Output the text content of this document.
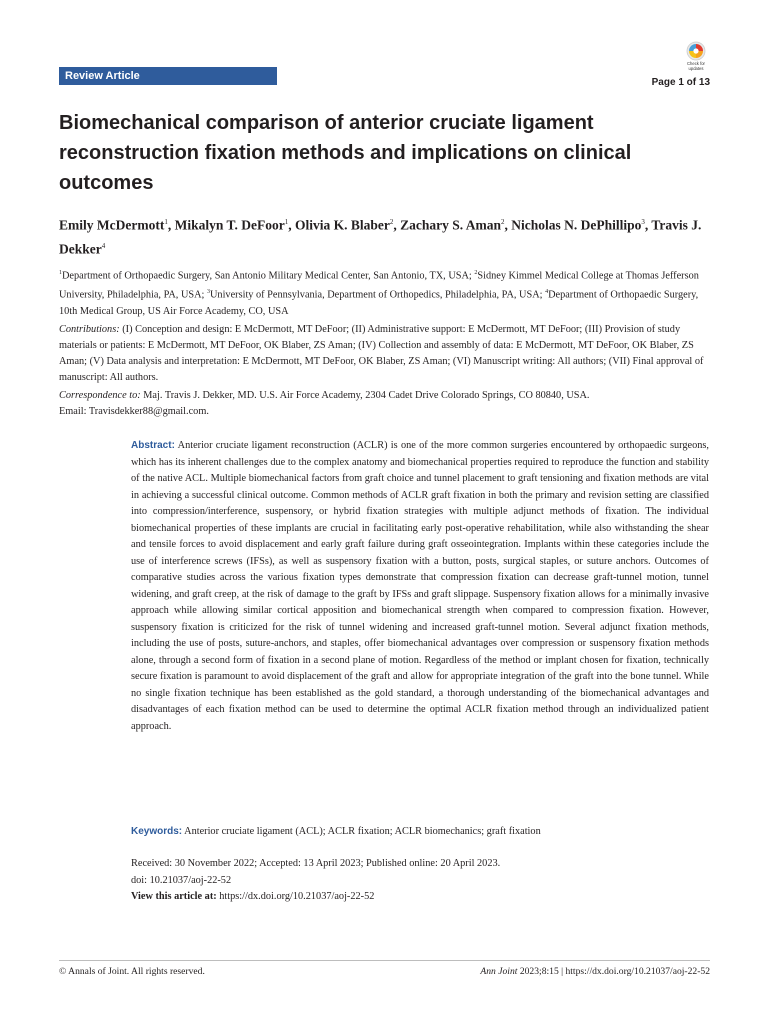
Review Article
Check for
updates
Page 1 of 13
Biomechanical comparison of anterior cruciate ligament reconstruction fixation methods and implications on clinical outcomes

Emily McDermott$^1$, Mikalyn T. DeFoor$^1$, Olivia K. Blaber$^2$, Zachary S. Aman$^2$, Nicholas N. DePhillipo$^3$, Travis J. Dekker$^4$

$^1$Department of Orthopaedic Surgery, San Antonio Military Medical Center, San Antonio, TX, USA; $^2$Sidney Kimmel Medical College at Thomas Jefferson University, Philadelphia, PA, USA; $^3$University of Pennsylvania, Department of Orthopedics, Philadelphia, PA, USA; $^4$Department of Orthopaedic Surgery, 10th Medical Group, US Air Force Academy, CO, USA

Contributions: (I) Conception and design: E McDermott, MT DeFoor; (II) Administrative support: E McDermott, MT DeFoor; (III) Provision of study materials or patients: E McDermott, MT DeFoor, OK Blaber, ZS Aman; (IV) Collection and assembly of data: E McDermott, MT DeFoor, OK Blaber, ZS Aman; (V) Data analysis and interpretation: E McDermott, MT DeFoor, OK Blaber, ZS Aman; (VI) Manuscript writing: All authors; (VII) Final approval of manuscript: All authors.

Correspondence to: Maj. Travis J. Dekker, MD. U.S. Air Force Academy, 2304 Cadet Drive Colorado Springs, CO 80840, USA.

Email: Travisdekker88@gmail.com.

Abstract: Anterior cruciate ligament reconstruction (ACLR) is one of the more common surgeries encountered by orthopaedic surgeons, which has its inherent challenges due to the complex anatomy and biomechanical properties required to reproduce the function and stability of the native ACL. Multiple biomechanical factors from graft choice and tunnel placement to graft tensioning and fixation methods are vital in achieving a successful clinical outcome. Common methods of ACLR graft fixation in both the primary and revision setting are classified into compression/interference, suspensory, or hybrid fixation strategies with multiple adjunct methods of fixation. The individual biomechanical properties of these implants are crucial in facilitating early post-operative rehabilitation, while also withstanding the shear and tensile forces to avoid displacement and early graft failure during graft osseointegration. Implants within these categories include the use of interference screws (IFSs), as well as suspensory fixation with a button, posts, surgical staples, or suture anchors. Outcomes of comparative studies across the various fixation types demonstrate that compression fixation can decrease graft-tunnel motion, tunnel widening, and graft creep, at the risk of damage to the graft by IFSs and graft slippage. Suspensory fixation allows for a minimally invasive approach while allowing similar cortical apposition and biomechanical strength when compared to compression fixation. However, suspensory fixation is criticized for the risk of tunnel widening and increased graft-tunnel motion. Several adjunct fixation methods, including the use of posts, suture-anchors, and staples, offer biomechanical advantages over compression or suspensory fixation methods alone, through a second form of fixation in a second plane of motion. Regardless of the method or implant chosen for fixation, technically secure fixation is paramount to avoid displacement of the graft and allow for appropriate integration of the graft into the bone tunnel. While no single fixation technique has been established as the gold standard, a thorough understanding of the biomechanical advantages and disadvantages of each fixation method can be used to determine the optimal ACLR fixation method through an individualized patient approach.

Keywords: Anterior cruciate ligament (ACL); ACLR fixation; ACLR biomechanics; graft fixation

Received: 30 November 2022; Accepted: 13 April 2023; Published online: 20 April 2023.

doi: 10.21037/aoj-22-52

View this article at: https://dx.doi.org/10.21037/aoj-22-52

© Annals of Joint. All rights reserved.	Ann Joint 2023;8:15 | https://dx.doi.org/10.21037/aoj-22-52
